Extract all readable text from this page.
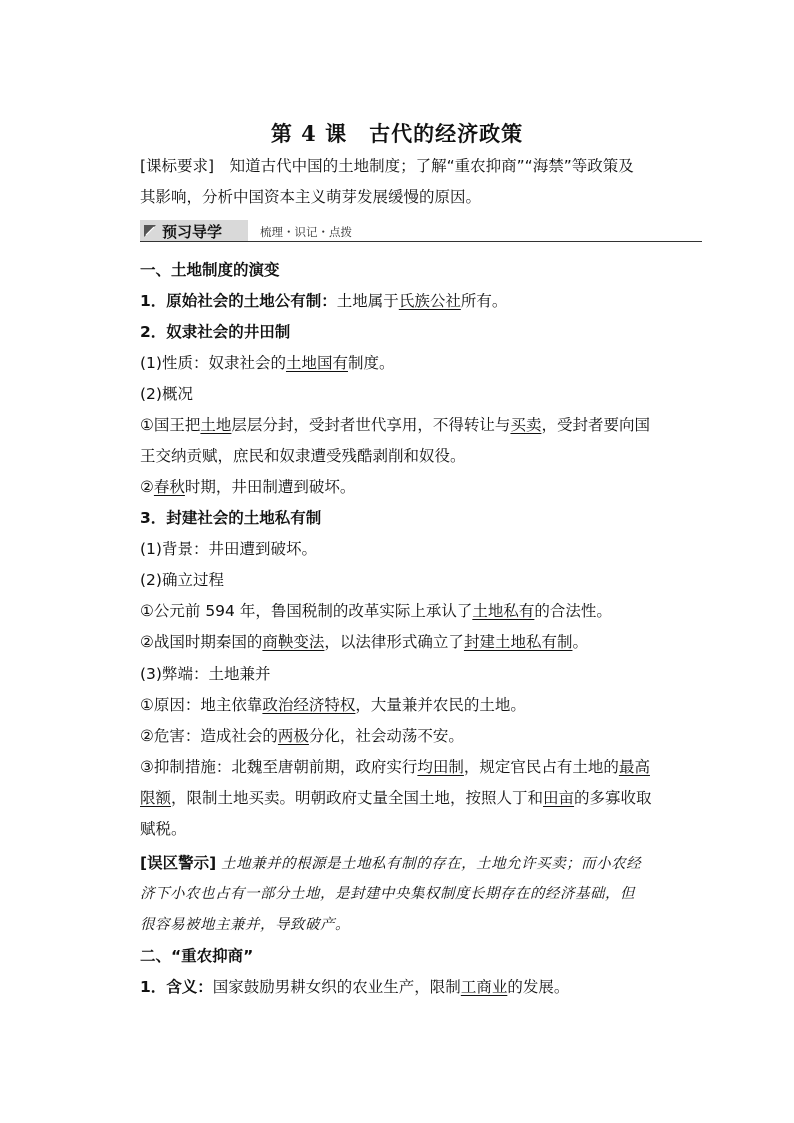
第 4 课　古代的经济政策
[课标要求]　知道古代中国的土地制度；了解“重农抑商”“海禁”等政策及
其影响，分析中国资本主义萌芽发展缓慢的原因。
预习导学	梳理・识记・点拨
一、土地制度的演变
1．原始社会的土地公有制：土地属于氏族公社所有。
2．奴隶社会的井田制
(1)性质：奴隶社会的土地国有制度。
(2)概况
①国王把土地层层分封，受封者世代享用，不得转让与买卖，受封者要向国
王交纳贡赋，庶民和奴隶遭受残酷剥削和奴役。
②春秋时期，井田制遭到破坏。
3．封建社会的土地私有制
(1)背景：井田遭到破坏。
(2)确立过程
①公元前 594 年，鲁国税制的改革实际上承认了土地私有的合法性。
②战国时期秦国的商鞅变法，以法律形式确立了封建土地私有制。
(3)弊端：土地兼并
①原因：地主依靠政治经济特权，大量兼并农民的土地。
②危害：造成社会的两极分化，社会动荡不安。
③抑制措施：北魏至唐朝前期，政府实行均田制，规定官民占有土地的最高
限额，限制土地买卖。明朝政府丈量全国土地，按照人丁和田亩的多寡收取
赋税。
[误区警示] 土地兼并的根源是土地私有制的存在，土地允许买卖；而小农经
济下小农也占有一部分土地，是封建中央集权制度长期存在的经济基础，但
很容易被地主兼并，导致破产。
二、“重农抑商”
1．含义：国家鼓励男耕女织的农业生产，限制工商业的发展。
